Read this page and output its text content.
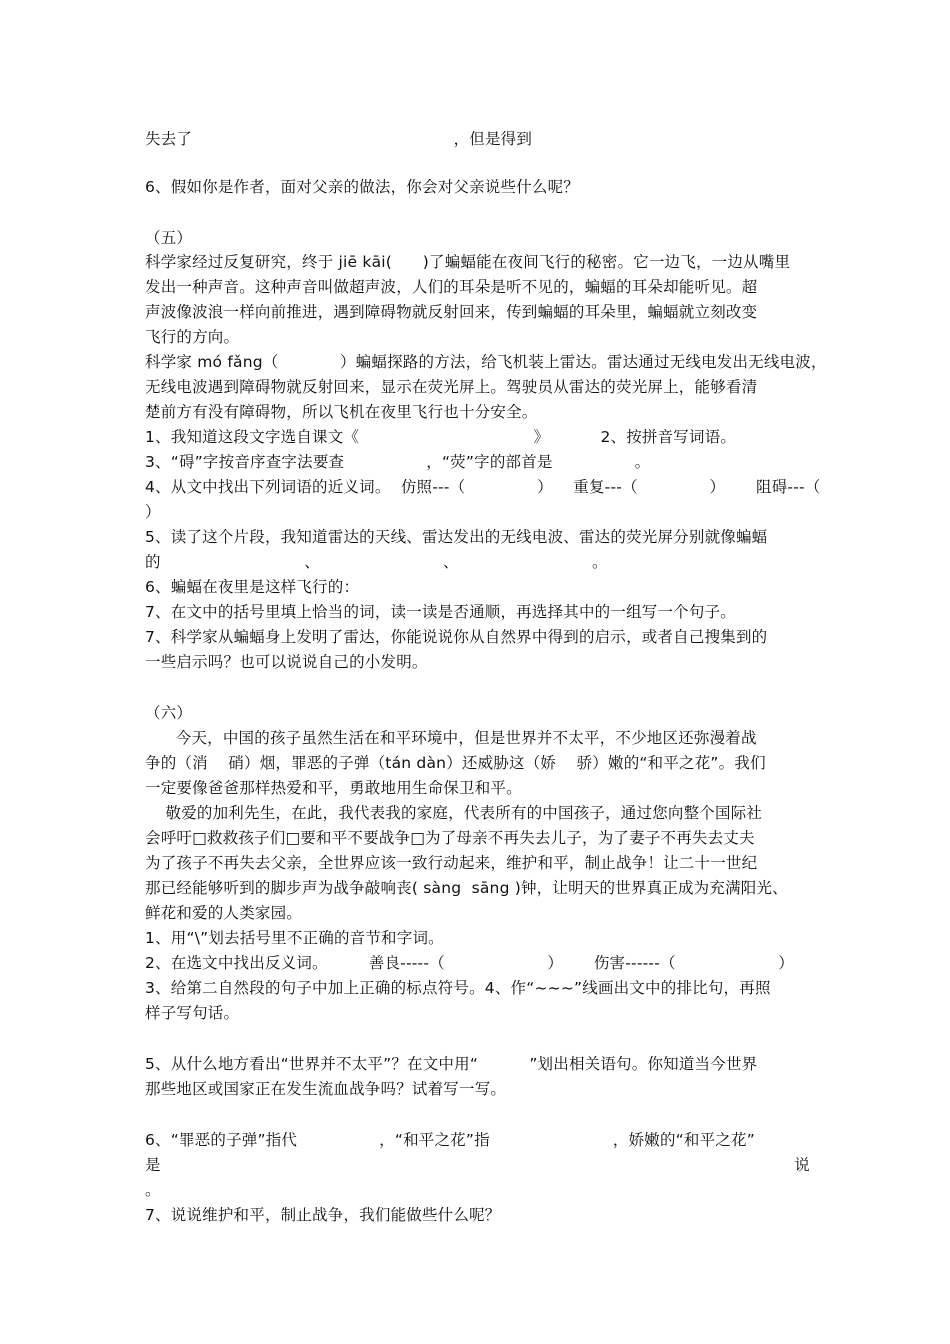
失去了                                                   ，但是得到
6、假如你是作者，面对父亲的做法，你会对父亲说些什么呢？
（五）
科学家经过反复研究，终于 jiē kāi(      )了蝙蝠能在夜间飞行的秘密。它一边飞，一边从嘴里
发出一种声音。这种声音叫做超声波，人们的耳朵是听不见的，蝙蝠的耳朵却能听见。超
声波像波浪一样向前推进，遇到障碍物就反射回来，传到蝙蝠的耳朵里，蝙蝠就立刻改变
飞行的方向。
科学家 mó fǎng（            ）蝙蝠探路的方法，给飞机装上雷达。雷达通过无线电发出无线电波，
无线电波遇到障碍物就反射回来，显示在荧光屏上。驾驶员从雷达的荧光屏上，能够看清
楚前方有没有障碍物，所以飞机在夜里飞行也十分安全。
1、我知道这段文字选自课文《                                  》          2、按拼音写词语。
3、“碍”字按音序查字法要查                ，“荧”字的部首是                。
4、从文中找出下列词语的近义词。  仿照---（              ）    重复---（              ）      阻碍---（
）
5、读了这个片段，我知道雷达的天线、雷达发出的无线电波、雷达的荧光屏分别就像蝙蝠
的                            、                        、                          。
6、蝙蝠在夜里是这样飞行的：
7、在文中的括号里填上恰当的词，读一读是否通顺，再选择其中的一组写一个句子。
7、科学家从蝙蝠身上发明了雷达，你能说说你从自然界中得到的启示，或者自己搜集到的
一些启示吗？也可以说说自己的小发明。
（六）
今天，中国的孩子虽然生活在和平环境中，但是世界并不太平，不少地区还弥漫着战
争的（消    硝）烟，罪恶的子弹（tán dàn）还威胁这（娇    骄）嫩的“和平之花”。我们
一定要像爸爸那样热爱和平，勇敢地用生命保卫和平。
敬爱的加利先生，在此，我代表我的家庭，代表所有的中国孩子，通过您向整个国际社
会呼吁□救救孩子们□要和平不要战争□为了母亲不再失去儿子，为了妻子不再失去丈夫
为了孩子不再失去父亲，全世界应该一致行动起来，维护和平，制止战争！让二十一世纪
那已经能够听到的脚步声为战争敲响丧( sàng  sāng )钟，让明天的世界真正成为充满阳光、
鲜花和爱的人类家园。
1、用“\”划去括号里不正确的音节和字词。
2、在选文中找出反义词。        善良-----（                    ）      伤害------（                    ）
3、给第二自然段的句子中加上正确的标点符号。4、作“~~~”线画出文中的排比句，再照
样子写句话。
5、从什么地方看出“世界并不太平”？在文中用“          ”划出相关语句。你知道当今世界
那些地区或国家正在发生流血战争吗？试着写一写。
6、“罪恶的子弹”指代                ，“和平之花”指                        ，娇嫩的“和平之花”
是	说
。
7、说说维护和平，制止战争，我们能做些什么呢？
